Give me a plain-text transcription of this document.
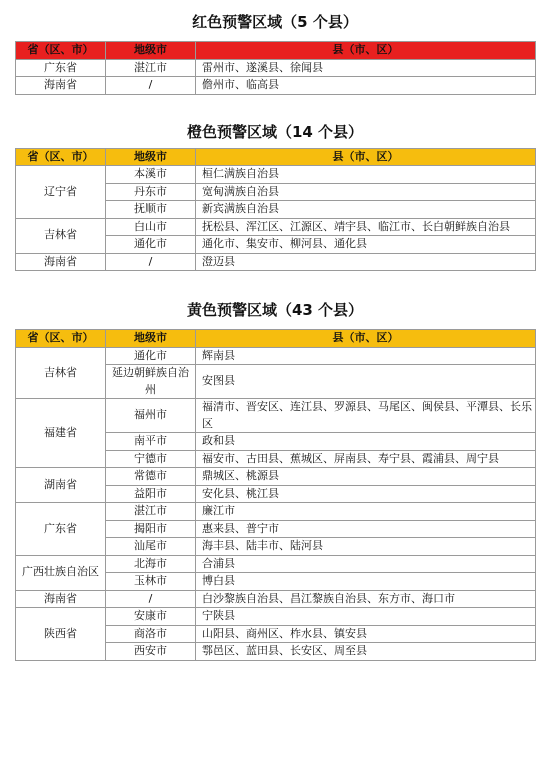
红色预警区域（5 个县）
省（区、市）	地级市	县（市、区）
广东省	湛江市	雷州市、遂溪县、徐闻县
海南省	/	儋州市、临高县
橙色预警区域（14 个县）
省（区、市）	地级市	县（市、区）
辽宁省	本溪市	桓仁满族自治县
	丹东市	宽甸满族自治县
	抚顺市	新宾满族自治县
吉林省	白山市	抚松县、浑江区、江源区、靖宇县、临江市、长白朝鲜族自治县
	通化市	通化市、集安市、柳河县、通化县
海南省	/	澄迈县
黄色预警区域（43 个县）
省（区、市）	地级市	县（市、区）
吉林省	通化市	辉南县
	延边朝鲜族自治州	安图县
福建省	福州市	福清市、晋安区、连江县、罗源县、马尾区、闽侯县、平潭县、长乐区
	南平市	政和县
	宁德市	福安市、古田县、蕉城区、屏南县、寿宁县、霞浦县、周宁县
湖南省	常德市	鼎城区、桃源县
	益阳市	安化县、桃江县
广东省	湛江市	廉江市
	揭阳市	惠来县、普宁市
	汕尾市	海丰县、陆丰市、陆河县
广西壮族自治区	北海市	合浦县
	玉林市	博白县
海南省	/	白沙黎族自治县、昌江黎族自治县、东方市、海口市
陕西省	安康市	宁陕县
	商洛市	山阳县、商州区、柞水县、镇安县
	西安市	鄠邑区、蓝田县、长安区、周至县
